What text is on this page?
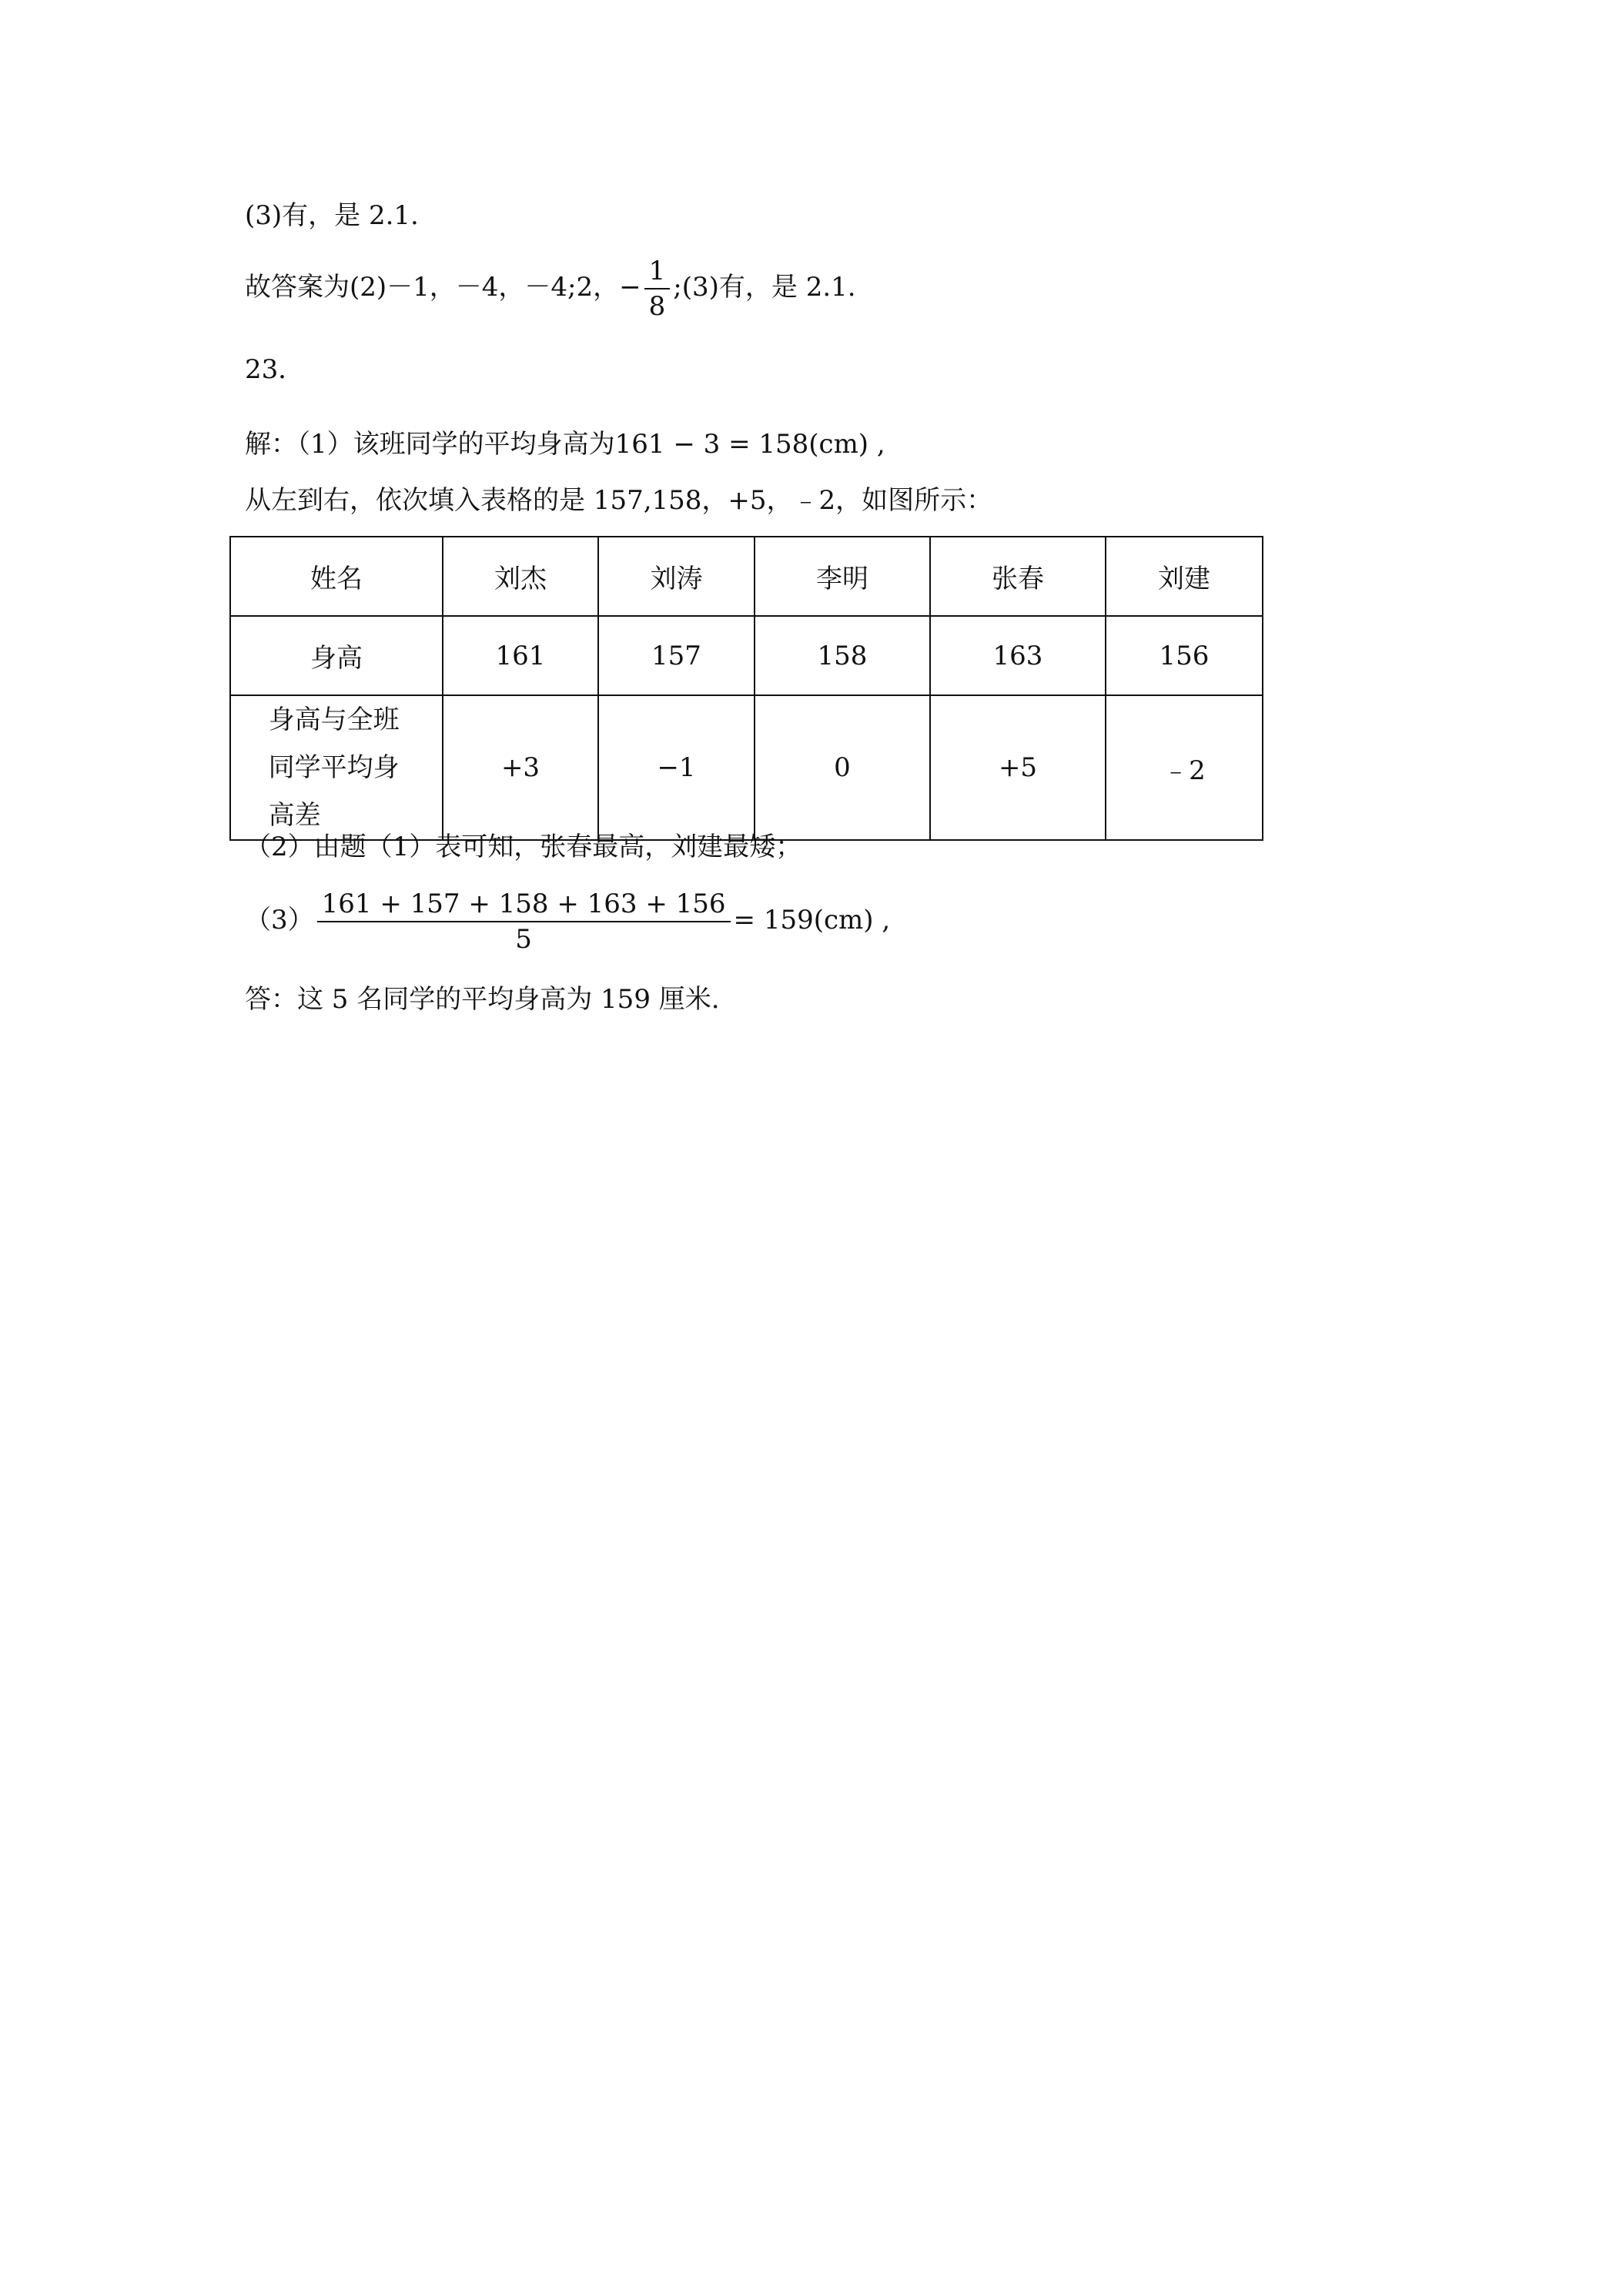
(3)有，是 2.1.
故答案为(2)－1，－4，－4;2，− $\frac{1}{8}$ ;(3)有，是 2.1.
23．
解：（1）该班同学的平均身高为161 − 3 = 158(cm) ,
从左到右，依次填入表格的是 157,158，+5，﹣2，如图所示：
姓名	刘杰	刘涛	李明	张春	刘建
身高	161	157	158	163	156

身高与全班同学平均身高差	+3	−1	0	+5	﹣2
（2）由题（1）表可知，张春最高，刘建最矮；
$(3) \frac{161 + 157 + 158 + 163 + 156}{5} = 159(cm)$ ,
答：这 5 名同学的平均身高为 159 厘米.
